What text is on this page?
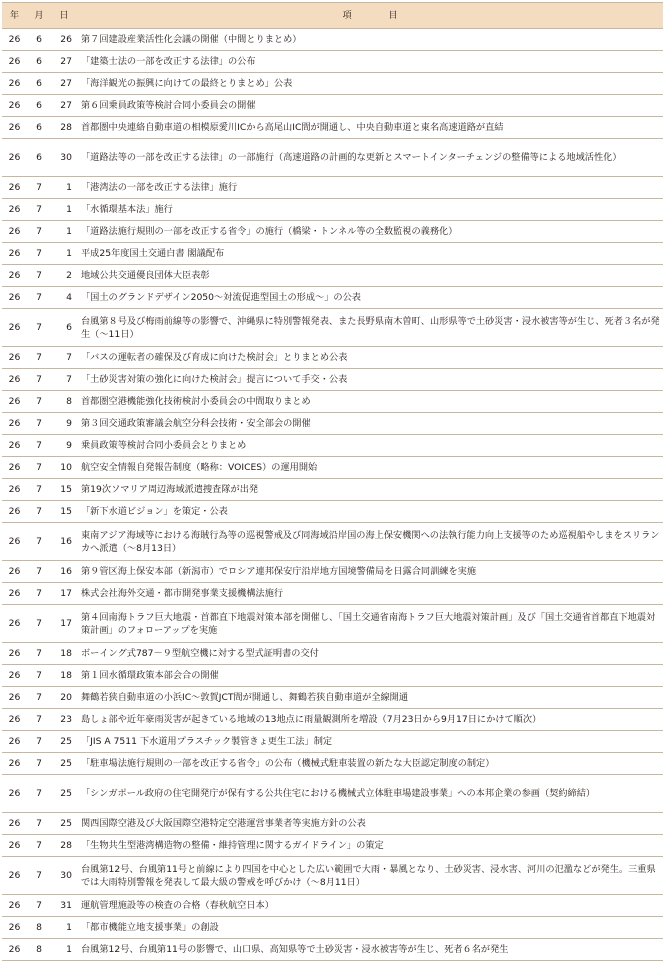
年	月	日	項　　　　目
26	6	26	第７回建設産業活性化会議の開催（中間とりまとめ）
26	6	27	「建築士法の一部を改正する法律」の公布
26	6	27	「海洋観光の振興に向けての最終とりまとめ」公表
26	6	27	第６回乗員政策等検討合同小委員会の開催
26	6	28	首都圏中央連絡自動車道の相模原愛川ICから高尾山IC間が開通し、中央自動車道と東名高速道路が直結
26	6	30	「道路法等の一部を改正する法律」の一部施行（高速道路の計画的な更新とスマートインターチェンジの整備等による地域活性化）
26	7	1	「港湾法の一部を改正する法律」施行
26	7	1	「水循環基本法」施行
26	7	1	「道路法施行規則の一部を改正する省令」の施行（橋梁・トンネル等の全数監視の義務化）
26	7	1	平成25年度国土交通白書 閣議配布
26	7	2	地域公共交通優良団体大臣表彰
26	7	4	「国土のグランドデザイン2050～対流促進型国土の形成～」の公表
26	7	6	台風第８号及び梅雨前線等の影響で、沖縄県に特別警報発表、また長野県南木曽町、山形県等で土砂災害・浸水被害等が生じ、死者３名が発生（～11日）
26	7	7	「バスの運転者の確保及び育成に向けた検討会」とりまとめ公表
26	7	7	「土砂災害対策の強化に向けた検討会」提言について手交・公表
26	7	8	首都圏空港機能強化技術検討小委員会の中間取りまとめ
26	7	9	第３回交通政策審議会航空分科会技術・安全部会の開催
26	7	9	乗員政策等検討合同小委員会とりまとめ
26	7	10	航空安全情報自発報告制度（略称：VOICES）の運用開始
26	7	15	第19次ソマリア周辺海域派遣捜査隊が出発
26	7	15	「新下水道ビジョン」を策定・公表
26	7	16	東南アジア海域等における海賊行為等の巡視警戒及び同海域沿岸国の海上保安機関への法執行能力向上支援等のため巡視船やしまをスリランカへ派遣（～8月13日）
26	7	16	第９管区海上保安本部（新潟市）でロシア連邦保安庁沿岸地方国境警備局を日露合同訓練を実施
26	7	17	株式会社海外交通・都市開発事業支援機構法施行
26	7	17	第４回南海トラフ巨大地震・首都直下地震対策本部を開催し、「国土交通省南海トラフ巨大地震対策計画」及び「国土交通省首都直下地震対策計画」のフォローアップを実施
26	7	18	ボーイング式787－９型航空機に対する型式証明書の交付
26	7	18	第１回水循環政策本部会合の開催
26	7	20	舞鶴若狭自動車道の小浜IC～敦賀JCT間が開通し、舞鶴若狭自動車道が全線開通
26	7	23	島しょ部や近年豪雨災害が起きている地域の13地点に雨量観測所を増設（7月23日から9月17日にかけて順次）
26	7	25	「JIS A 7511 下水道用プラスチック製管きょ更生工法」制定
26	7	25	「駐車場法施行規則の一部を改正する省令」の公布（機械式駐車装置の新たな大臣認定制度の制定）
26	7	25	「シンガポール政府の住宅開発庁が保有する公共住宅における機械式立体駐車場建設事業」への本邦企業の参画（契約締結）
26	7	25	関西国際空港及び大阪国際空港特定空港運営事業者等実施方針の公表
26	7	28	「生物共生型港湾構造物の整備・維持管理に関するガイドライン」の策定
26	7	30	台風第12号、台風第11号と前線により四国を中心とした広い範囲で大雨・暴風となり、土砂災害、浸水害、河川の氾濫などが発生。三重県では大雨特別警報を発表して最大級の警戒を呼びかけ（～8月11日）
26	7	31	運航管理施設等の検査の合格（春秋航空日本）
26	8	1	「都市機能立地支援事業」の創設
26	8	1	台風第12号、台風第11号の影響で、山口県、高知県等で土砂災害・浸水被害等が生じ、死者６名が発生
